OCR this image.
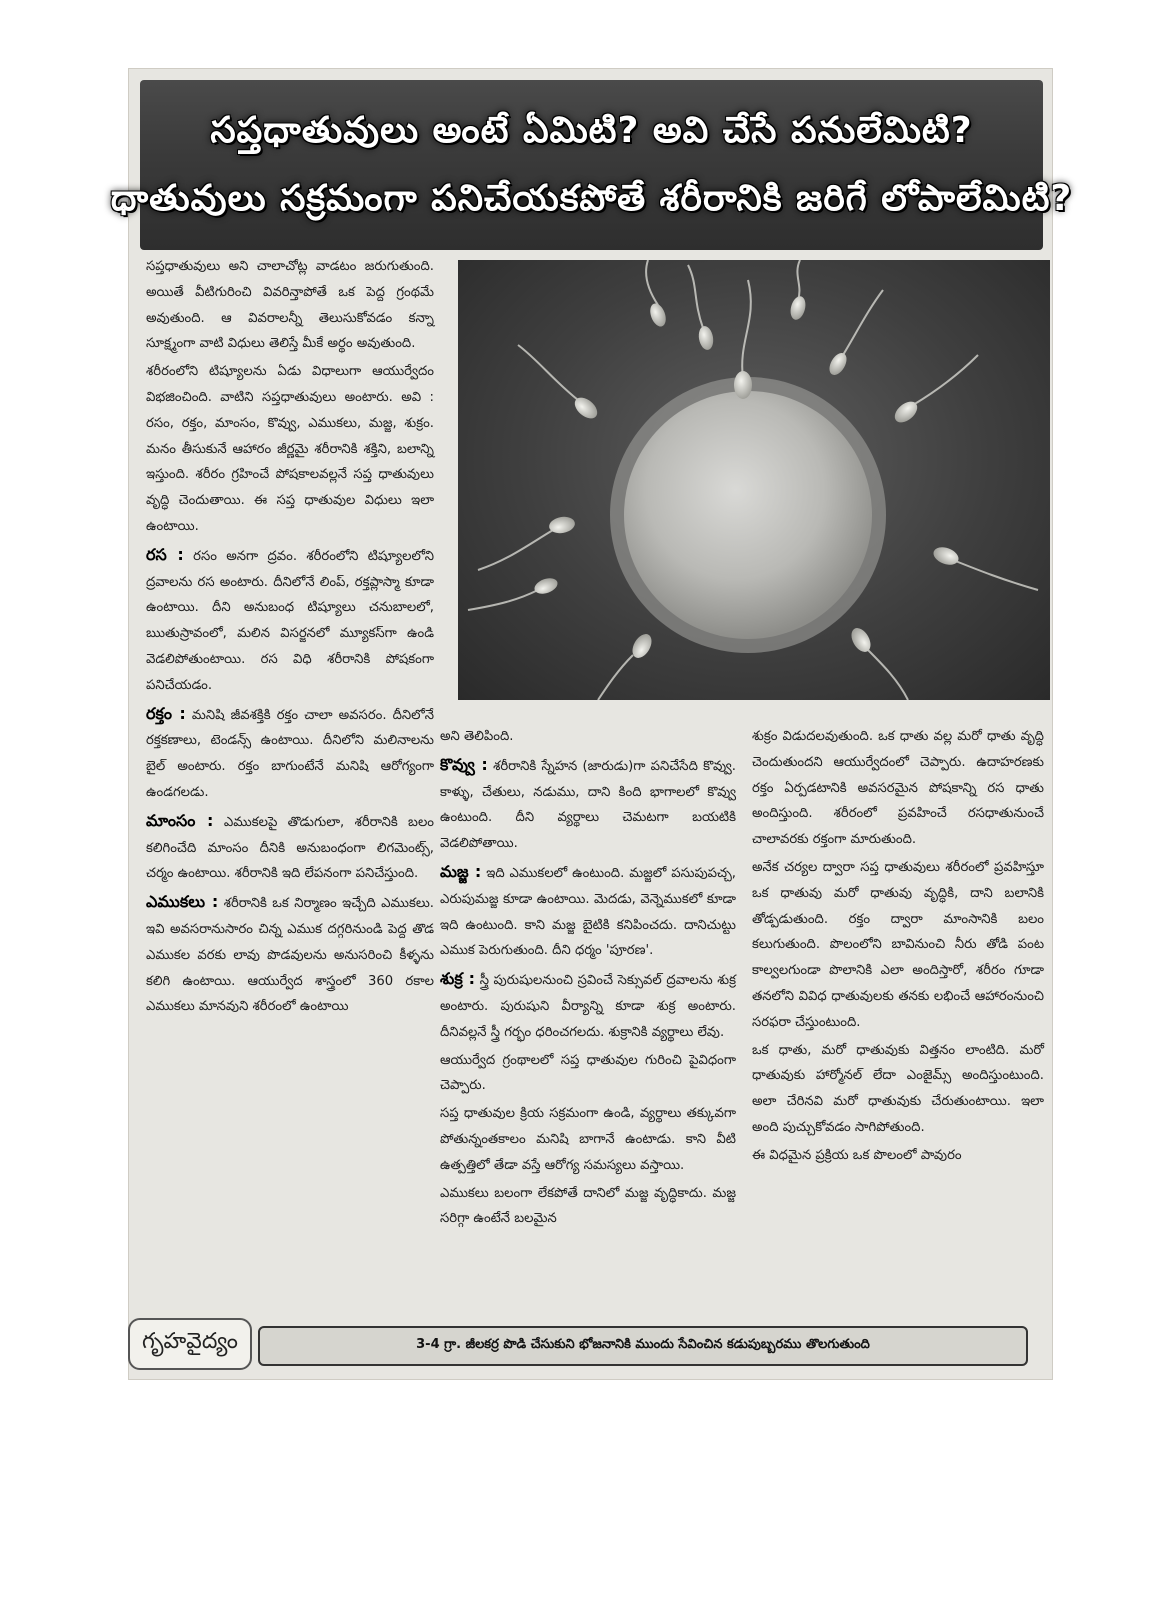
సప్తధాతువులు అంటే ఏమిటి? అవి చేసే పనులేమిటి?
ధాతువులు సక్రమంగా పనిచేయకపోతే శరీరానికి జరిగే లోపాలేమిటి?

సప్తధాతువులు అని చాలాచోట్ల వాడటం జరుగుతుంది. అయితే వీటిగురించి వివరిన్తాపోతే ఒక పెద్ద గ్రంథమే అవుతుంది. ఆ వివరాలన్నీ తెలుసుకోవడం కన్నా సూక్ష్మంగా వాటి విధులు తెలిస్తే మీకే అర్థం అవుతుంది.

శరీరంలోని టిష్యూలను ఏడు విధాలుగా ఆయుర్వేదం విభజించింది. వాటిని సప్తధాతువులు అంటారు. అవి : రసం, రక్తం, మాంసం, కొవ్వు, ఎముకలు, మజ్జ, శుక్రం. మనం తీసుకునే ఆహారం జీర్ణమై శరీరానికి శక్తిని, బలాన్ని ఇస్తుంది. శరీరం గ్రహించే పోషకాలవల్లనే సప్త ధాతువులు వృద్ధి చెందుతాయి. ఈ సప్త ధాతువుల విధులు ఇలా ఉంటాయి.

రస : రసం అనగా ద్రవం. శరీరంలోని టిష్యూలలోని ద్రవాలను రస అంటారు. దీనిలోనే లింప్, రక్తప్లాస్మా కూడా ఉంటాయి. దీని అనుబంధ టిష్యూలు చనుబాలలో, ఋతుస్రావంలో, మలిన విసర్జనలో మ్యూకస్‌గా ఉండి వెడలిపోతుంటాయి. రస విధి శరీరానికి పోషకంగా పనిచేయడం.

రక్తం : మనిషి జీవశక్తికి రక్తం చాలా అవసరం. దీనిలోనే రక్తకణాలు, టెండన్స్ ఉంటాయి. దీనిలోని మలినాలను బైల్ అంటారు. రక్తం బాగుంటేనే మనిషి ఆరోగ్యంగా ఉండగలడు.

మాంసం : ఎముకలపై తొడుగులా, శరీరానికి బలం కలిగించేది మాంసం దీనికి అనుబంధంగా లిగమెంట్స్, చర్మం ఉంటాయి. శరీరానికి ఇది లేపనంగా పనిచేస్తుంది.

ఎముకలు : శరీరానికి ఒక నిర్మాణం ఇచ్చేది ఎముకలు. ఇవి అవసరానుసారం చిన్న ఎముక దగ్గరినుండి పెద్ద తొడ ఎముకల వరకు లావు పొడవులను అనుసరించి కీళ్ళను కలిగి ఉంటాయి. ఆయుర్వేద శాస్త్రంలో 360 రకాల ఎముకలు మానవుని శరీరంలో ఉంటాయి

అని తెలిపింది.

కొవ్వు : శరీరానికి స్నేహన (జారుడు)గా పనిచేసేది కొవ్వు. కాళ్ళు, చేతులు, నడుము, దాని కింది భాగాలలో కొవ్వు ఉంటుంది. దీని వ్యర్థాలు చెమటగా బయటికి వెడలిపోతాయి.

మజ్జ : ఇది ఎముకలలో ఉంటుంది. మజ్జలో పసుపుపచ్చ, ఎరుపుమజ్జ కూడా ఉంటాయి. మెదడు, వెన్నెముకలో కూడా ఇది ఉంటుంది. కాని మజ్జ బైటికి కనిపించదు. దానిచుట్టు ఎముక పెరుగుతుంది. దీని ధర్మం 'పూరణ'.

శుక్ర : స్త్రీ పురుషులనుంచి స్రవించే సెక్సువల్ ద్రవాలను శుక్ర అంటారు. పురుషుని వీర్యాన్ని కూడా శుక్ర అంటారు. దీనివల్లనే స్త్రీ గర్భం ధరించగలదు. శుక్రానికి వ్యర్థాలు లేవు.

ఆయుర్వేద గ్రంథాలలో సప్త ధాతువుల గురించి పైవిధంగా చెప్పారు.

సప్త ధాతువుల క్రియ సక్రమంగా ఉండి, వ్యర్థాలు తక్కువగా పోతున్నంతకాలం మనిషి బాగానే ఉంటాడు. కాని వీటి ఉత్పత్తిలో తేడా వస్తే ఆరోగ్య సమస్యలు వస్తాయి.

ఎముకలు బలంగా లేకపోతే దానిలో మజ్జ వృద్ధికాదు. మజ్జ సరిగ్గా ఉంటేనే బలమైన

శుక్రం విడుదలవుతుంది. ఒక ధాతు వల్ల మరో ధాతు వృద్ధి చెందుతుందని ఆయుర్వేదంలో చెప్పారు. ఉదాహరణకు రక్తం ఏర్పడటానికి అవసరమైన పోషకాన్ని రస ధాతు అందిస్తుంది. శరీరంలో ప్రవహించే రసధాతునుంచే చాలావరకు రక్తంగా మారుతుంది.

అనేక చర్యల ద్వారా సప్త ధాతువులు శరీరంలో ప్రవహిస్తూ ఒక ధాతువు మరో ధాతువు వృద్ధికి, దాని బలానికి తోడ్పడుతుంది. రక్తం ద్వారా మాంసానికి బలం కలుగుతుంది. పొలంలోని బావినుంచి నీరు తోడి పంట కాల్వలగుండా పొలానికి ఎలా అందిస్తారో, శరీరం గూడా తనలోని వివిధ ధాతువులకు తనకు లభించే ఆహారంనుంచి సరఫరా చేస్తుంటుంది.

ఒక ధాతు, మరో ధాతువుకు విత్తనం లాంటిది. మరో ధాతువుకు హార్మోనల్ లేదా ఎంజైమ్స్ అందిస్తుంటుంది. అలా చేరినవి మరో ధాతువుకు చేరుతుంటాయి. ఇలా అంది పుచ్చుకోవడం సాగిపోతుంది.

ఈ విధమైన ప్రక్రియ ఒక పొలంలో పావురం

గృహవైద్యం	3-4 గ్రా. జీలకర్ర పొడి చేసుకుని భోజనానికి ముందు సేవించిన కడుపుబ్బరము తొలగుతుంది
